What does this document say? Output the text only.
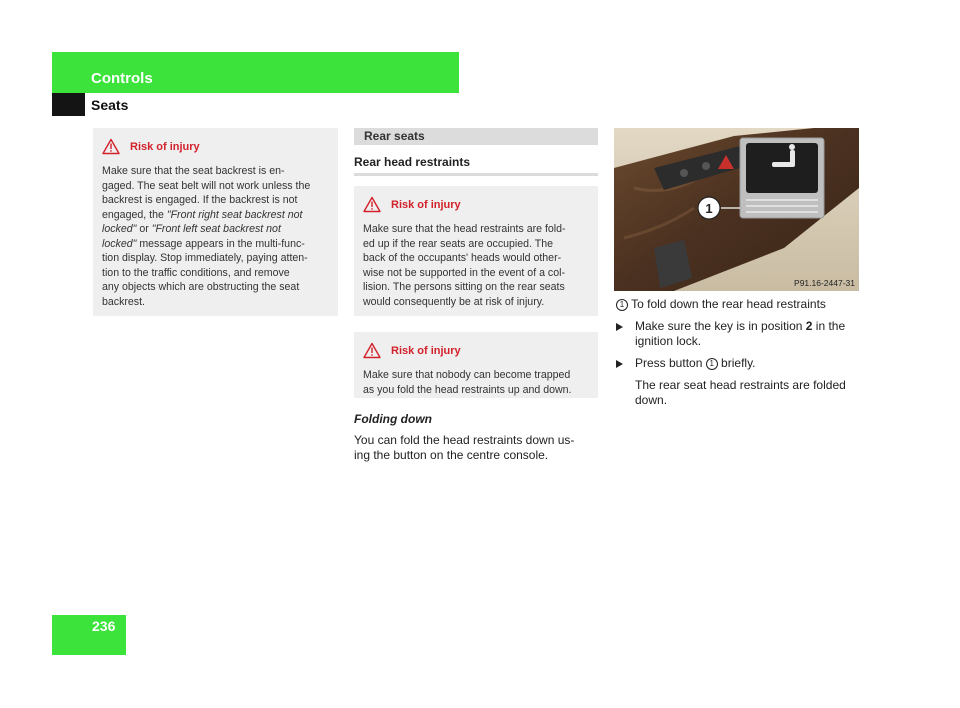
Controls
Seats
Risk of injury
Make sure that the seat backrest is en-
gaged. The seat belt will not work unless the
backrest is engaged. If the backrest is not
engaged, the "Front right seat backrest not
locked" or "Front left seat backrest not
locked" message appears in the multi-func-
tion display. Stop immediately, paying atten-
tion to the traffic conditions, and remove
any objects which are obstructing the seat
backrest.
Rear seats
Rear head restraints
Risk of injury
Make sure that the head restraints are fold-
ed up if the rear seats are occupied. The
back of the occupants' heads would other-
wise not be supported in the event of a col-
lision. The persons sitting on the rear seats
would consequently be at risk of injury.
Risk of injury
Make sure that nobody can become trapped
as you fold the head restraints up and down.
Folding down
You can fold the head restraints down us-
ing the button on the centre console.
1
P91.16-2447-31
1 To fold down the rear head restraints
Make sure the key is in position 2 in the
ignition lock.
Press button 1 briefly.
The rear seat head restraints are folded
down.
236
